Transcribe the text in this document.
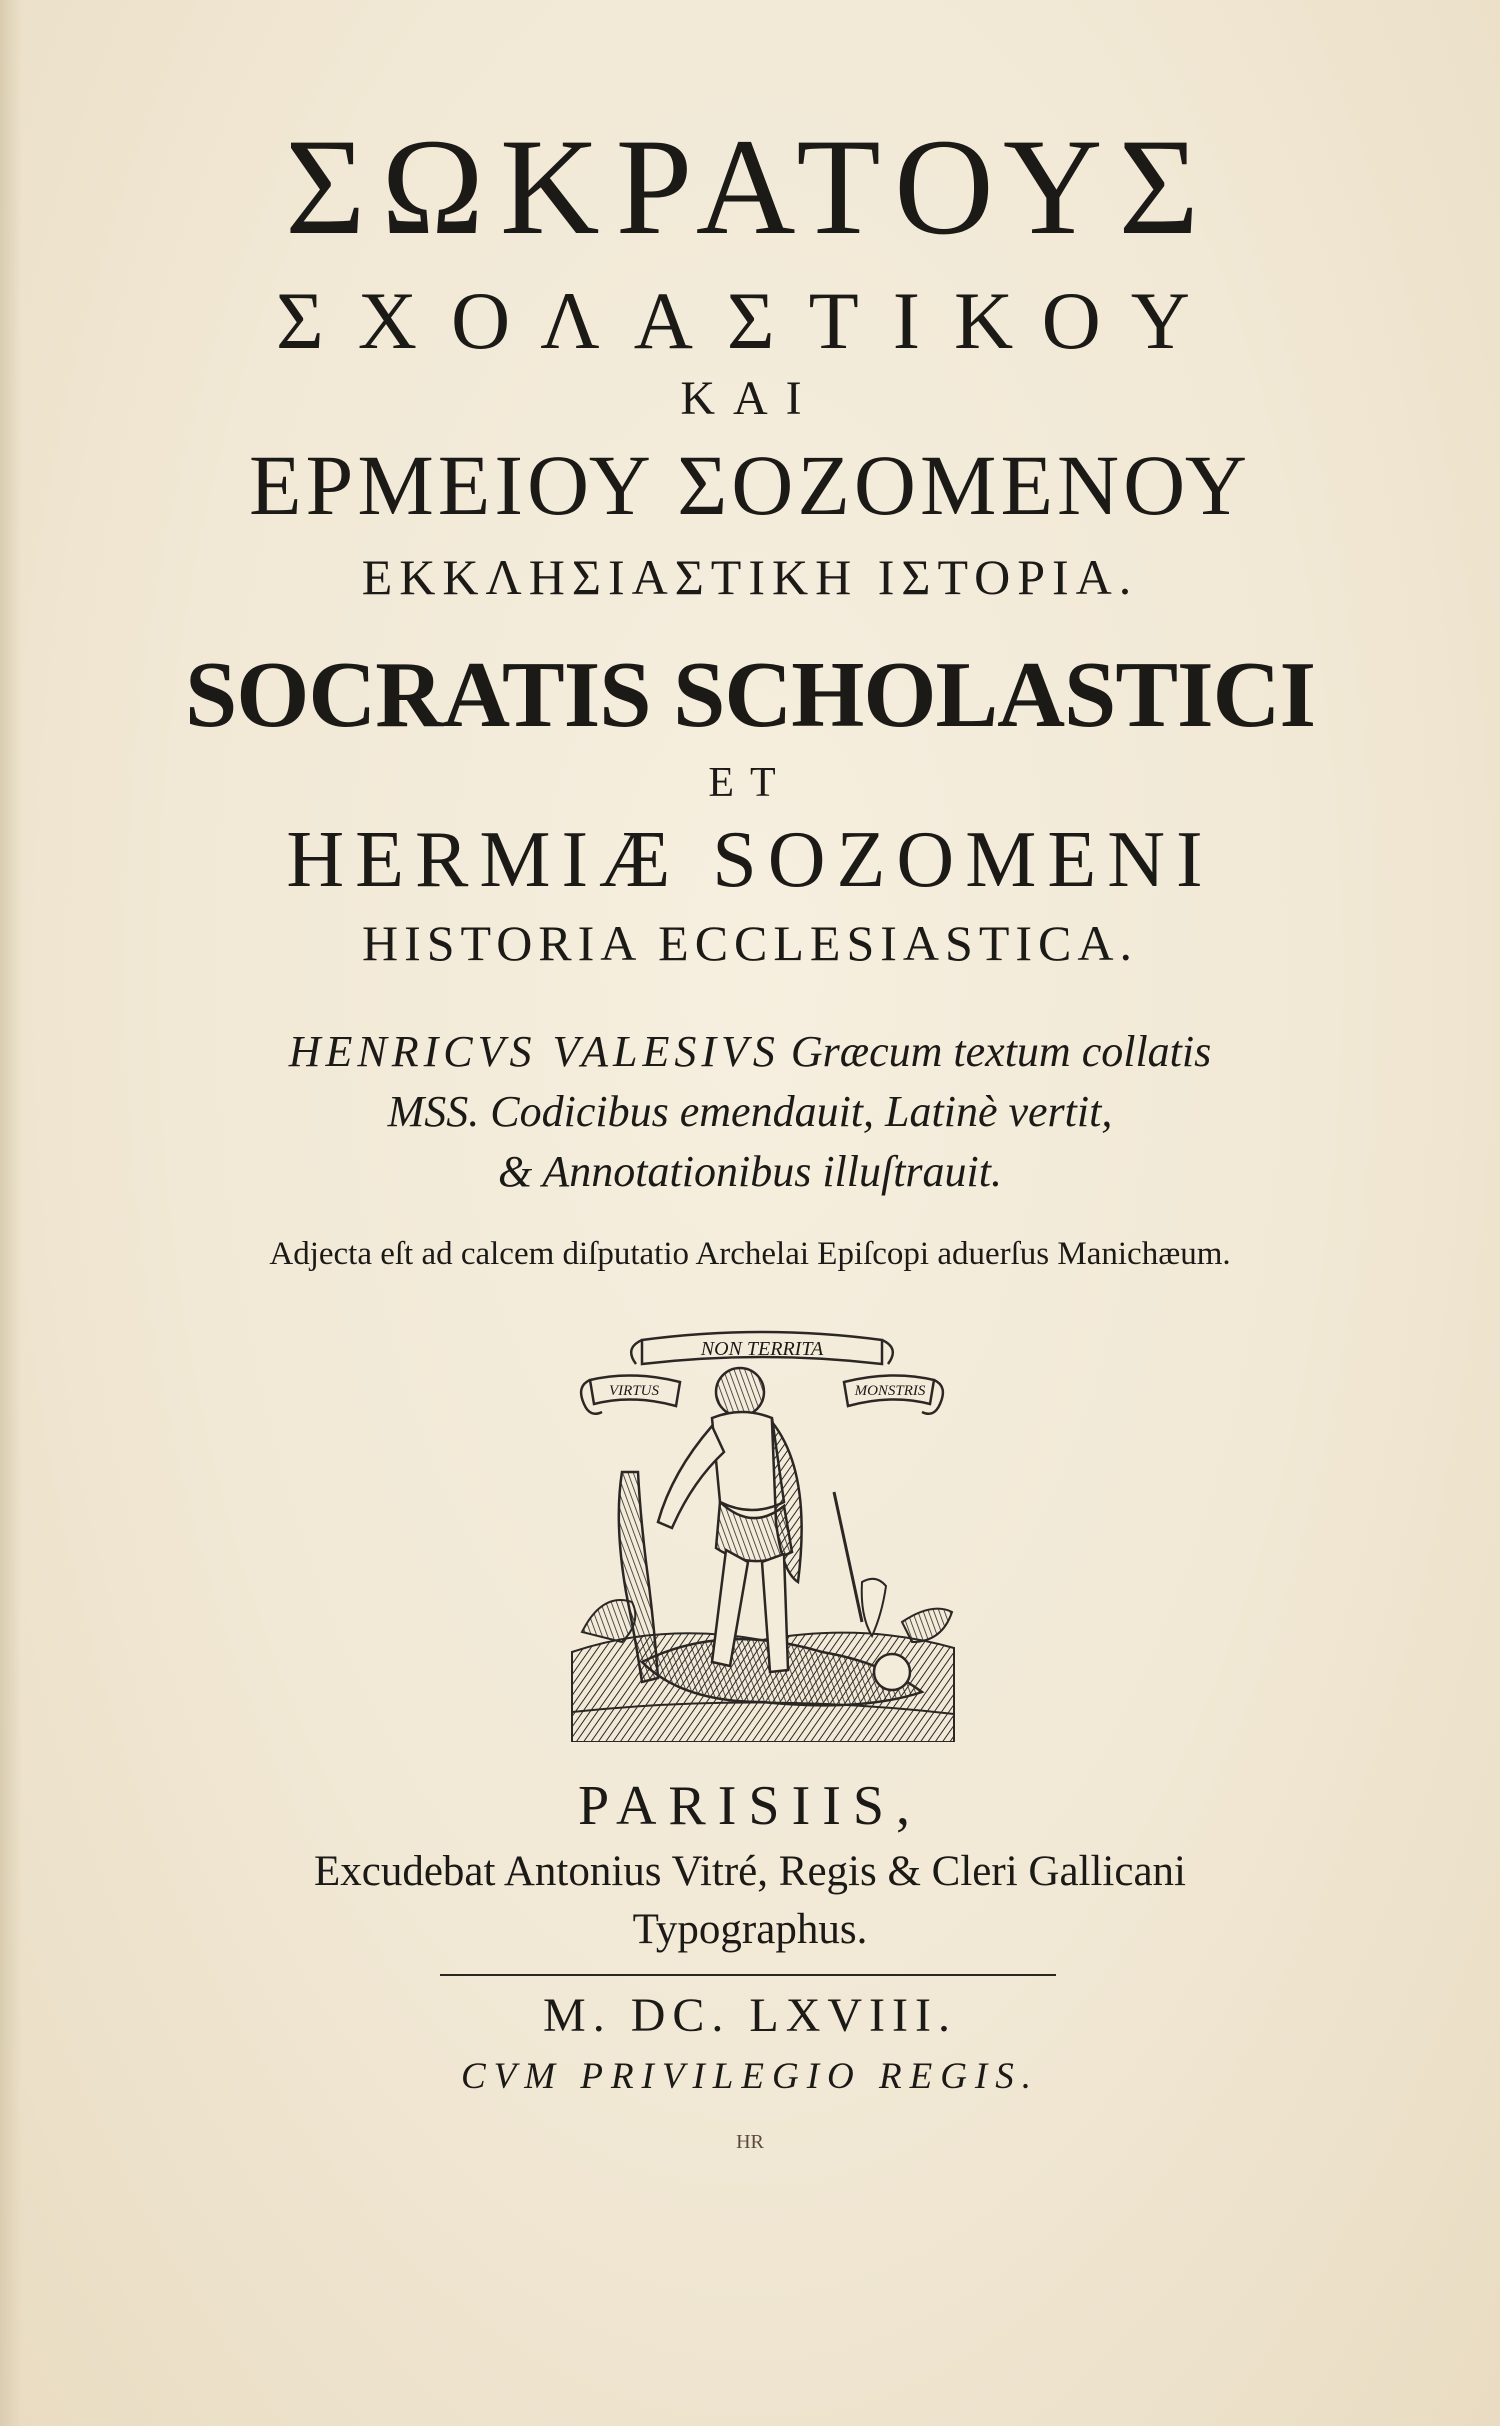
ΣΩΚΡΑΤΟΥΣ
ΣΧΟΛΑΣΤΙΚΟΥ
ΚΑΙ
ΕΡΜΕΙΟΥ ΣΟΖΟΜΕΝΟΥ
ΕΚΚΛΗΣΙΑΣΤΙΚΗ ΙΣΤΟΡΙΑ.
SOCRATIS SCHOLASTICI
ET
HERMIÆ SOZOMENI
HISTORIA ECCLESIASTICA.
HENRICVS VALESIVS Græcum textum collatis
MSS. Codicibus emendauit, Latinè vertit,
& Annotationibus illuſtrauit.
Adjecta eſt ad calcem diſputatio Archelai Epiſcopi aduerſus Manichæum.
NON TERRITA
VIRTUS	MONSTRIS
PARISIIS,
Excudebat Antonius Vitré, Regis & Cleri Gallicani
Typographus.
M. DC. LXVIII.
CVM PRIVILEGIO REGIS.
HR
